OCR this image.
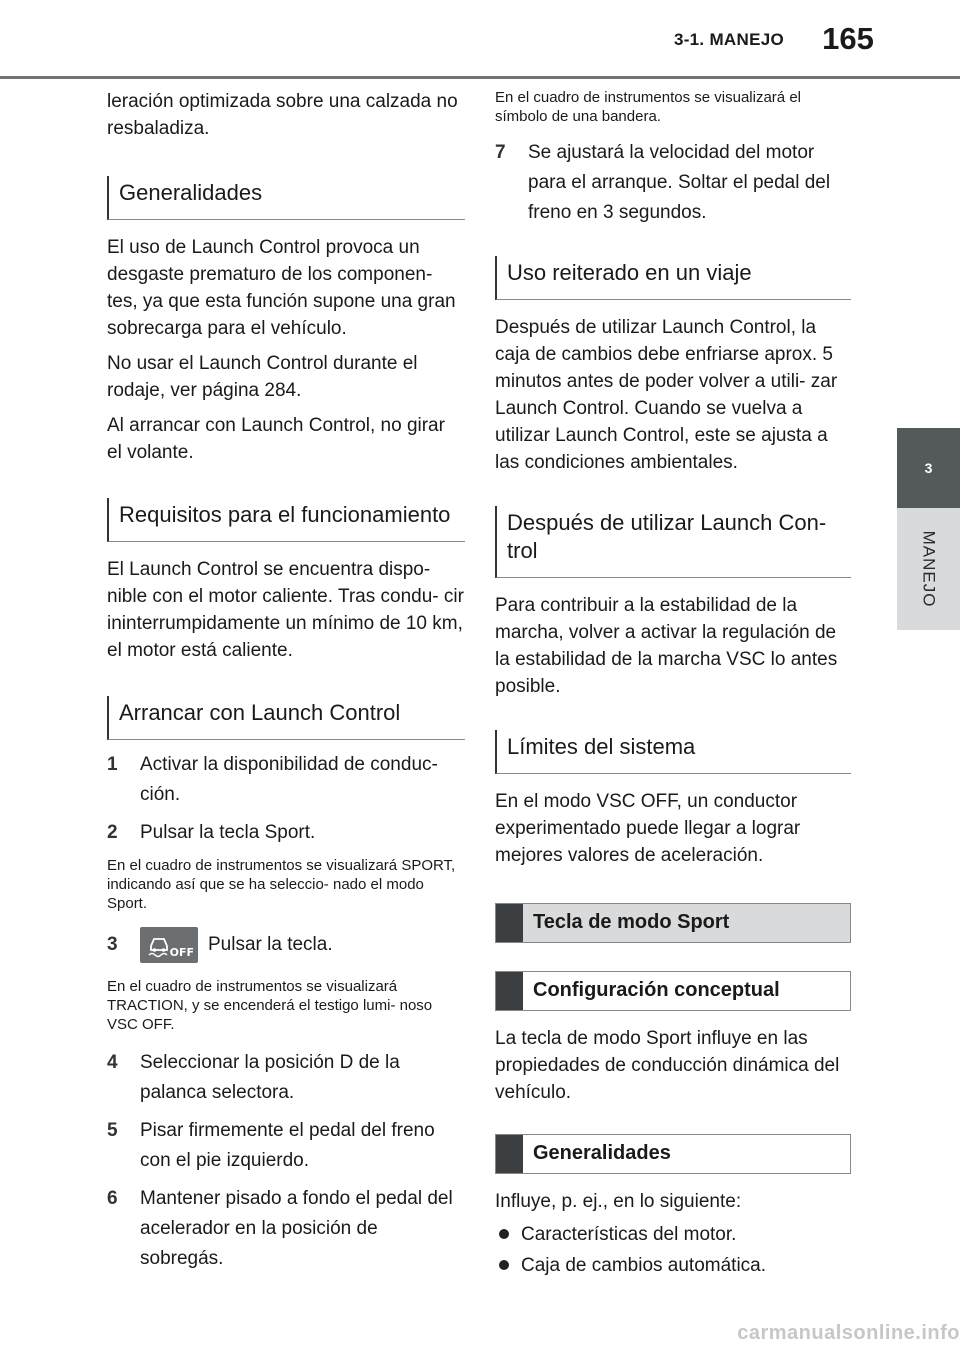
3-1. MANEJO	165
3
MANEJO

leración optimizada sobre una calzada no resbaladiza.

Generalidades

El uso de Launch Control provoca un desgaste prematuro de los componen- tes, ya que esta función supone una gran sobrecarga para el vehículo.

No usar el Launch Control durante el rodaje, ver página 284.

Al arrancar con Launch Control, no girar el volante.

Requisitos para el funcionamiento

El Launch Control se encuentra dispo- nible con el motor caliente. Tras condu- cir ininterrumpidamente un mínimo de 10 km, el motor está caliente.

Arrancar con Launch Control
1	Activar la disponibilidad de conduc- ción.
2	Pulsar la tecla Sport.

En el cuadro de instrumentos se visualizará SPORT, indicando así que se ha seleccio- nado el modo Sport.

3	OFF Pulsar la tecla.

En el cuadro de instrumentos se visualizará TRACTION, y se encenderá el testigo lumi- noso VSC OFF.

4	Seleccionar la posición D de la palanca selectora.
5	Pisar firmemente el pedal del freno con el pie izquierdo.
6	Mantener pisado a fondo el pedal del acelerador en la posición de sobregás.

En el cuadro de instrumentos se visualizará el símbolo de una bandera.

7	Se ajustará la velocidad del motor para el arranque. Soltar el pedal del freno en 3 segundos.
Uso reiterado en un viaje

Después de utilizar Launch Control, la caja de cambios debe enfriarse aprox. 5 minutos antes de poder volver a utili- zar Launch Control. Cuando se vuelva a utilizar Launch Control, este se ajusta a las condiciones ambientales.

Después de utilizar Launch Con- trol

Para contribuir a la estabilidad de la marcha, volver a activar la regulación de la estabilidad de la marcha VSC lo antes posible.

Límites del sistema

En el modo VSC OFF, un conductor experimentado puede llegar a lograr mejores valores de aceleración.

Tecla de modo Sport
Configuración conceptual

La tecla de modo Sport influye en las propiedades de conducción dinámica del vehículo.

Generalidades

Influye, p. ej., en lo siguiente:

Características del motor.
Caja de cambios automática.
carmanualsonline.info
